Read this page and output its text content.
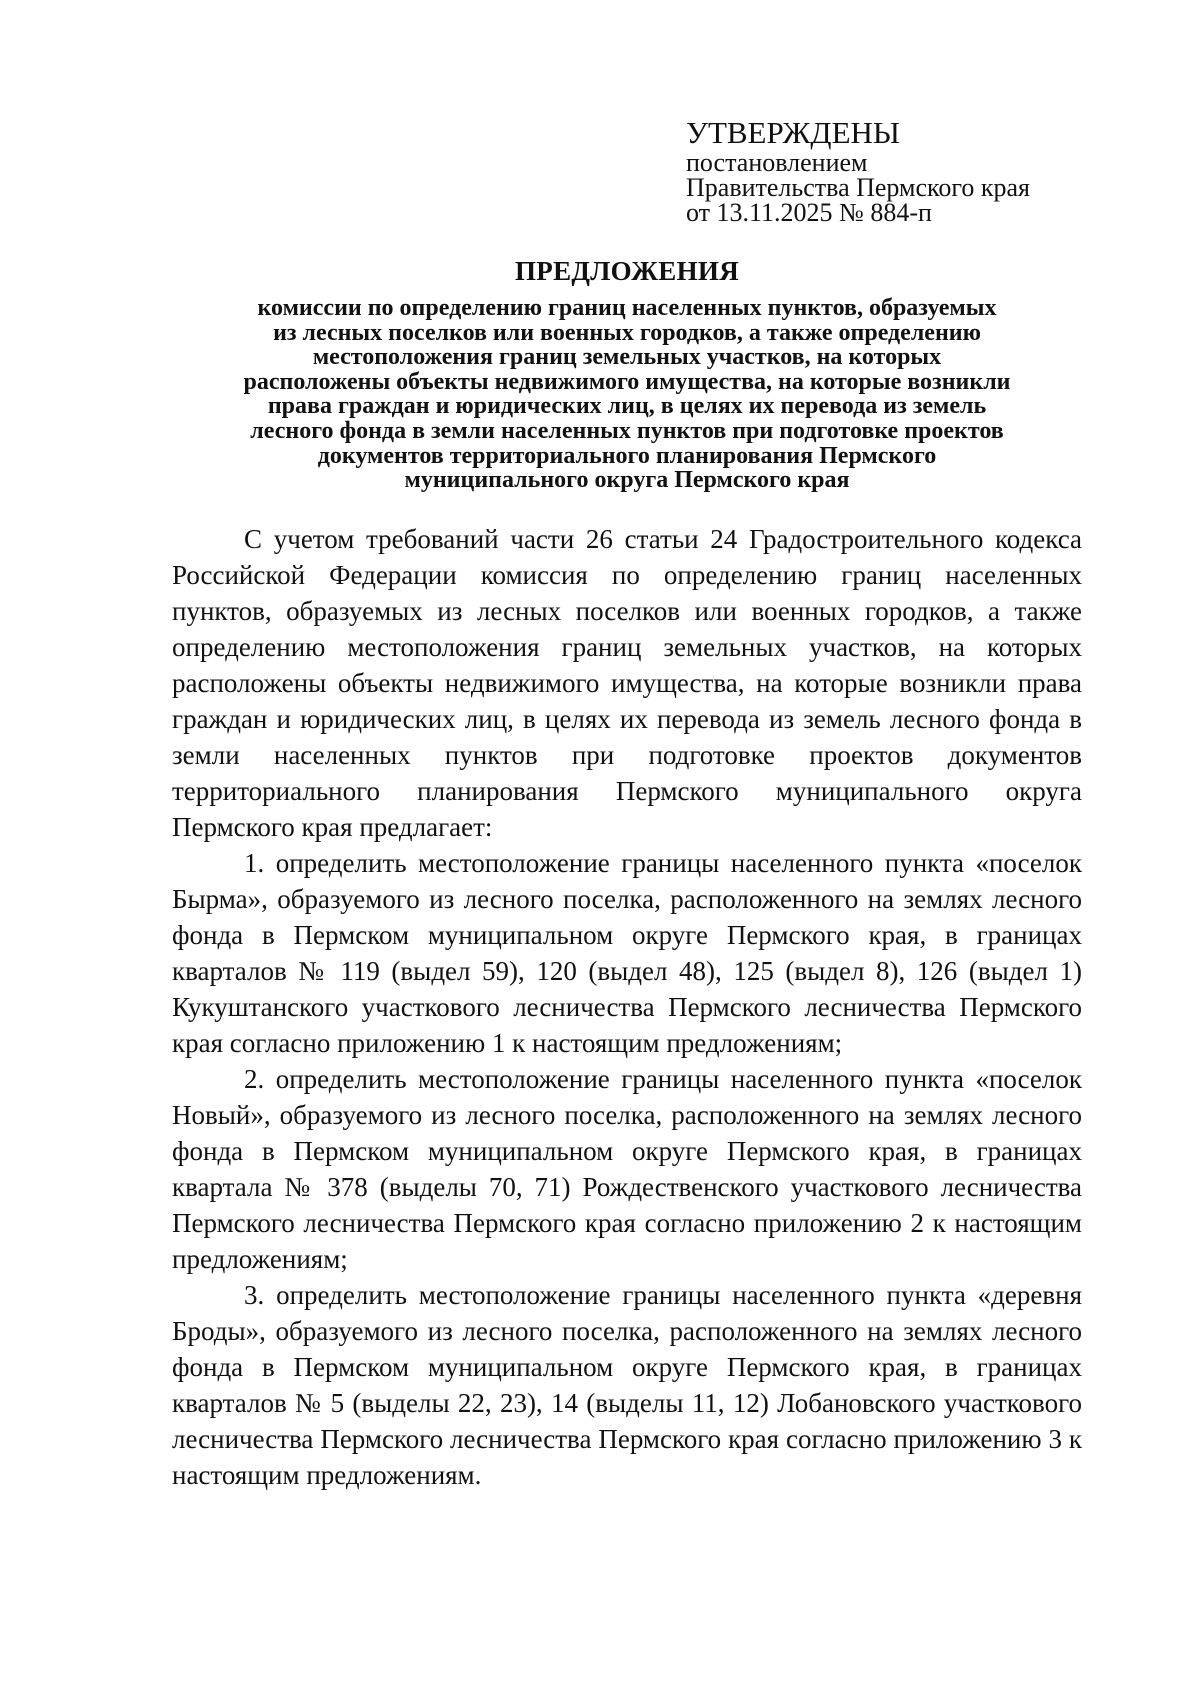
УТВЕРЖДЕНЫ
постановлением
Правительства Пермского края
от 13.11.2025 № 884-п
ПРЕДЛОЖЕНИЯ
комиссии по определению границ населенных пунктов, образуемых
из лесных поселков или военных городков, а также определению
местоположения границ земельных участков, на которых
расположены объекты недвижимого имущества, на которые возникли
права граждан и юридических лиц, в целях их перевода из земель
лесного фонда в земли населенных пунктов при подготовке проектов
документов территориального планирования Пермского
муниципального округа Пермского края

С учетом требований части 26 статьи 24 Градостроительного кодекса Российской Федерации комиссия по определению границ населенных пунктов, образуемых из лесных поселков или военных городков, а также определению местоположения границ земельных участков, на которых расположены объекты недвижимого имущества, на которые возникли права граждан и юридических лиц, в целях их перевода из земель лесного фонда в земли населенных пунктов при подготовке проектов документов территориального планирования Пермского муниципального округа Пермского края предлагает:

1. определить местоположение границы населенного пункта «поселок Бырма», образуемого из лесного поселка, расположенного на землях лесного фонда в Пермском муниципальном округе Пермского края, в границах кварталов № 119 (выдел 59), 120 (выдел 48), 125 (выдел 8), 126 (выдел 1) Кукуштанского участкового лесничества Пермского лесничества Пермского края согласно приложению 1 к настоящим предложениям;

2. определить местоположение границы населенного пункта «поселок Новый», образуемого из лесного поселка, расположенного на землях лесного фонда в Пермском муниципальном округе Пермского края, в границах квартала № 378 (выделы 70, 71) Рождественского участкового лесничества Пермского лесничества Пермского края согласно приложению 2 к настоящим предложениям;

3. определить местоположение границы населенного пункта «деревня Броды», образуемого из лесного поселка, расположенного на землях лесного фонда в Пермском муниципальном округе Пермского края, в границах кварталов № 5 (выделы 22, 23), 14 (выделы 11, 12) Лобановского участкового лесничества Пермского лесничества Пермского края согласно приложению 3 к настоящим предложениям.
